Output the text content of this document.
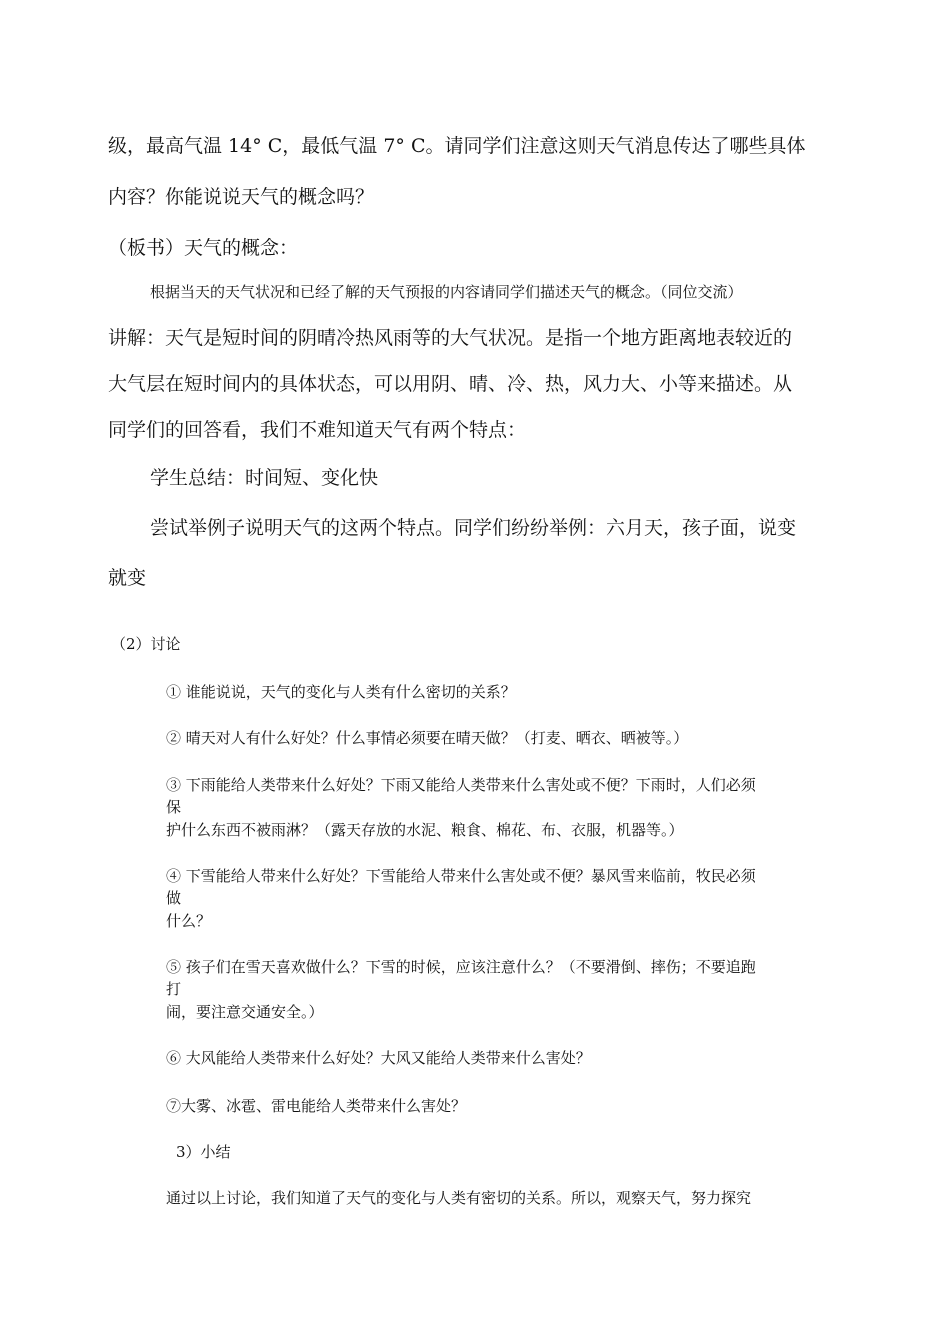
级，最高气温 14° C，最低气温 7° C。请同学们注意这则天气消息传达了哪些具体

内容？你能说说天气的概念吗？

（板书）天气的概念：

根据当天的天气状况和已经了解的天气预报的内容请同学们描述天气的概念。（同位交流）

讲解：天气是短时间的阴晴冷热风雨等的大气状况。是指一个地方距离地表较近的

大气层在短时间内的具体状态，可以用阴、晴、冷、热，风力大、小等来描述。从

同学们的回答看，我们不难知道天气有两个特点：

学生总结：时间短、变化快

尝试举例子说明天气的这两个特点。同学们纷纷举例：六月天，孩子面，说变

就变

（2）讨论

① 谁能说说，天气的变化与人类有什么密切的关系？

② 晴天对人有什么好处？什么事情必须要在晴天做？（打麦、晒衣、晒被等。）

③ 下雨能给人类带来什么好处？下雨又能给人类带来什么害处或不便？下雨时，人们必须

保

护什么东西不被雨淋？（露天存放的水泥、粮食、棉花、布、衣服，机器等。）

④ 下雪能给人带来什么好处？下雪能给人带来什么害处或不便？暴风雪来临前，牧民必须

做

什么？

⑤ 孩子们在雪天喜欢做什么？下雪的时候，应该注意什么？（不要滑倒、摔伤；不要追跑

打

闹，要注意交通安全。）

⑥ 大风能给人类带来什么好处？大风又能给人类带来什么害处？

⑦大雾、冰雹、雷电能给人类带来什么害处？

3）小结

通过以上讨论，我们知道了天气的变化与人类有密切的关系。所以，观察天气，努力探究
